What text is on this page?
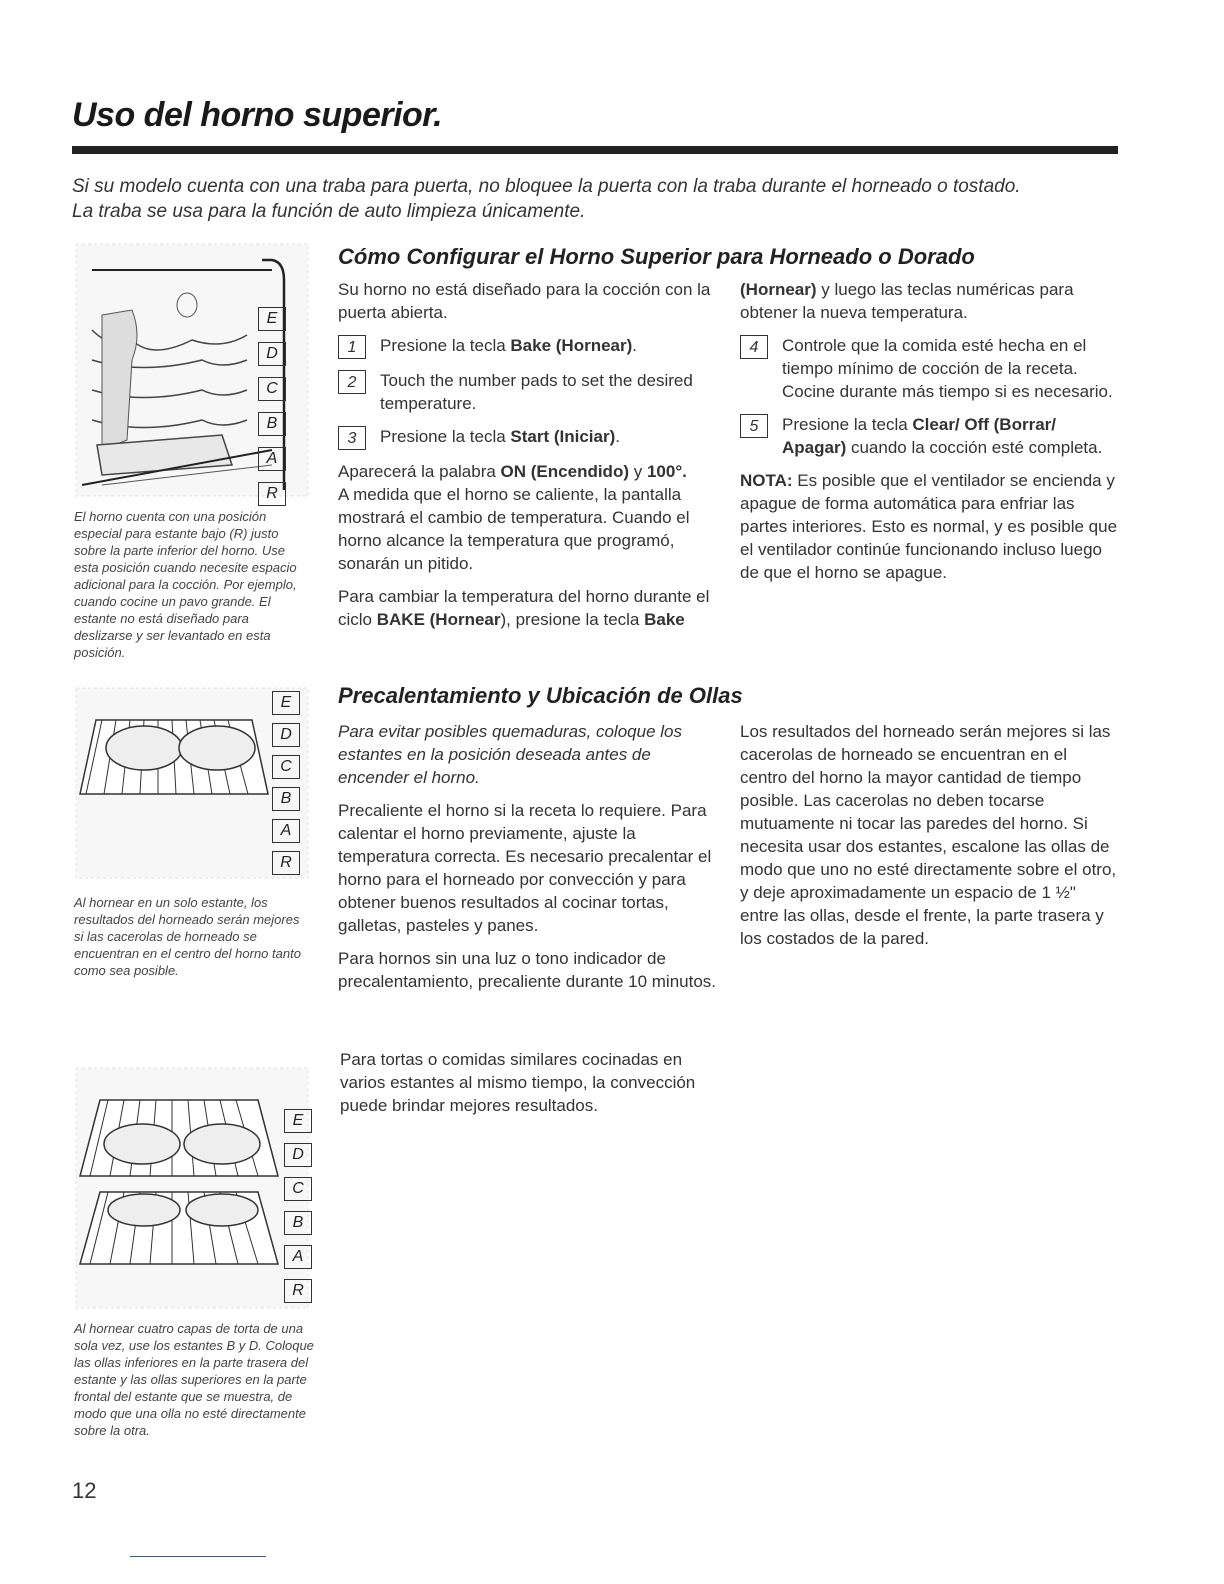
Uso del horno superior.

Si su modelo cuenta con una traba para puerta, no bloquee la puerta con la traba durante el horneado o tostado.
La traba se usa para la función de auto limpieza únicamente.

E
D
C
B
A
R
El horno cuenta con una posición especial para estante bajo (R) justo sobre la parte inferior del horno. Use esta posición cuando necesite espacio adicional para la cocción. Por ejemplo, cuando cocine un pavo grande. El estante no está diseñado para deslizarse y ser levantado en esta posición.
E
D
C
B
A
R
Al hornear en un solo estante, los resultados del horneado serán mejores si las cacerolas de horneado se encuentran en el centro del horno tanto como sea posible.
E
D
C
B
A
R
Al hornear cuatro capas de torta de una sola vez, use los estantes B y D. Coloque las ollas inferiores en la parte trasera del estante y las ollas superiores en la parte frontal del estante que se muestra, de modo que una olla no esté directamente sobre la otra.
Cómo Configurar el Horno Superior para Horneado o Dorado

Su horno no está diseñado para la cocción con la puerta abierta.

1	Presione la tecla Bake (Hornear).
2	Touch the number pads to set the desired temperature.
3	Presione la tecla Start (Iniciar).

Aparecerá la palabra ON (Encendido) y 100°.
A medida que el horno se caliente, la pantalla mostrará el cambio de temperatura. Cuando el horno alcance la temperatura que programó, sonarán un pitido.

Para cambiar la temperatura del horno durante el ciclo BAKE (Hornear), presione la tecla Bake

(Hornear) y luego las teclas numéricas para obtener la nueva temperatura.

4	Controle que la comida esté hecha en el tiempo mínimo de cocción de la receta. Cocine durante más tiempo si es necesario.
5	Presione la tecla Clear/ Off (Borrar/ Apagar) cuando la cocción esté completa.

NOTA: Es posible que el ventilador se encienda y apague de forma automática para enfriar las partes interiores. Esto es normal, y es posible que el ventilador continúe funcionando incluso luego de que el horno se apague.

Precalentamiento y Ubicación de Ollas

Para evitar posibles quemaduras, coloque los estantes en la posición deseada antes de encender el horno.

Precaliente el horno si la receta lo requiere. Para calentar el horno previamente, ajuste la temperatura correcta. Es necesario precalentar el horno para el horneado por convección y para obtener buenos resultados al cocinar tortas, galletas, pasteles y panes.

Para hornos sin una luz o tono indicador de precalentamiento, precaliente durante 10 minutos.

Los resultados del horneado serán mejores si las cacerolas de horneado se encuentran en el centro del horno la mayor cantidad de tiempo posible. Las cacerolas no deben tocarse mutuamente ni tocar las paredes del horno. Si necesita usar dos estantes, escalone las ollas de modo que uno no esté directamente sobre el otro, y deje aproximadamente un espacio de 1 ½" entre las ollas, desde el frente, la parte trasera y los costados de la pared.

Para tortas o comidas similares cocinadas en varios estantes al mismo tiempo, la convección puede brindar mejores resultados.

12
